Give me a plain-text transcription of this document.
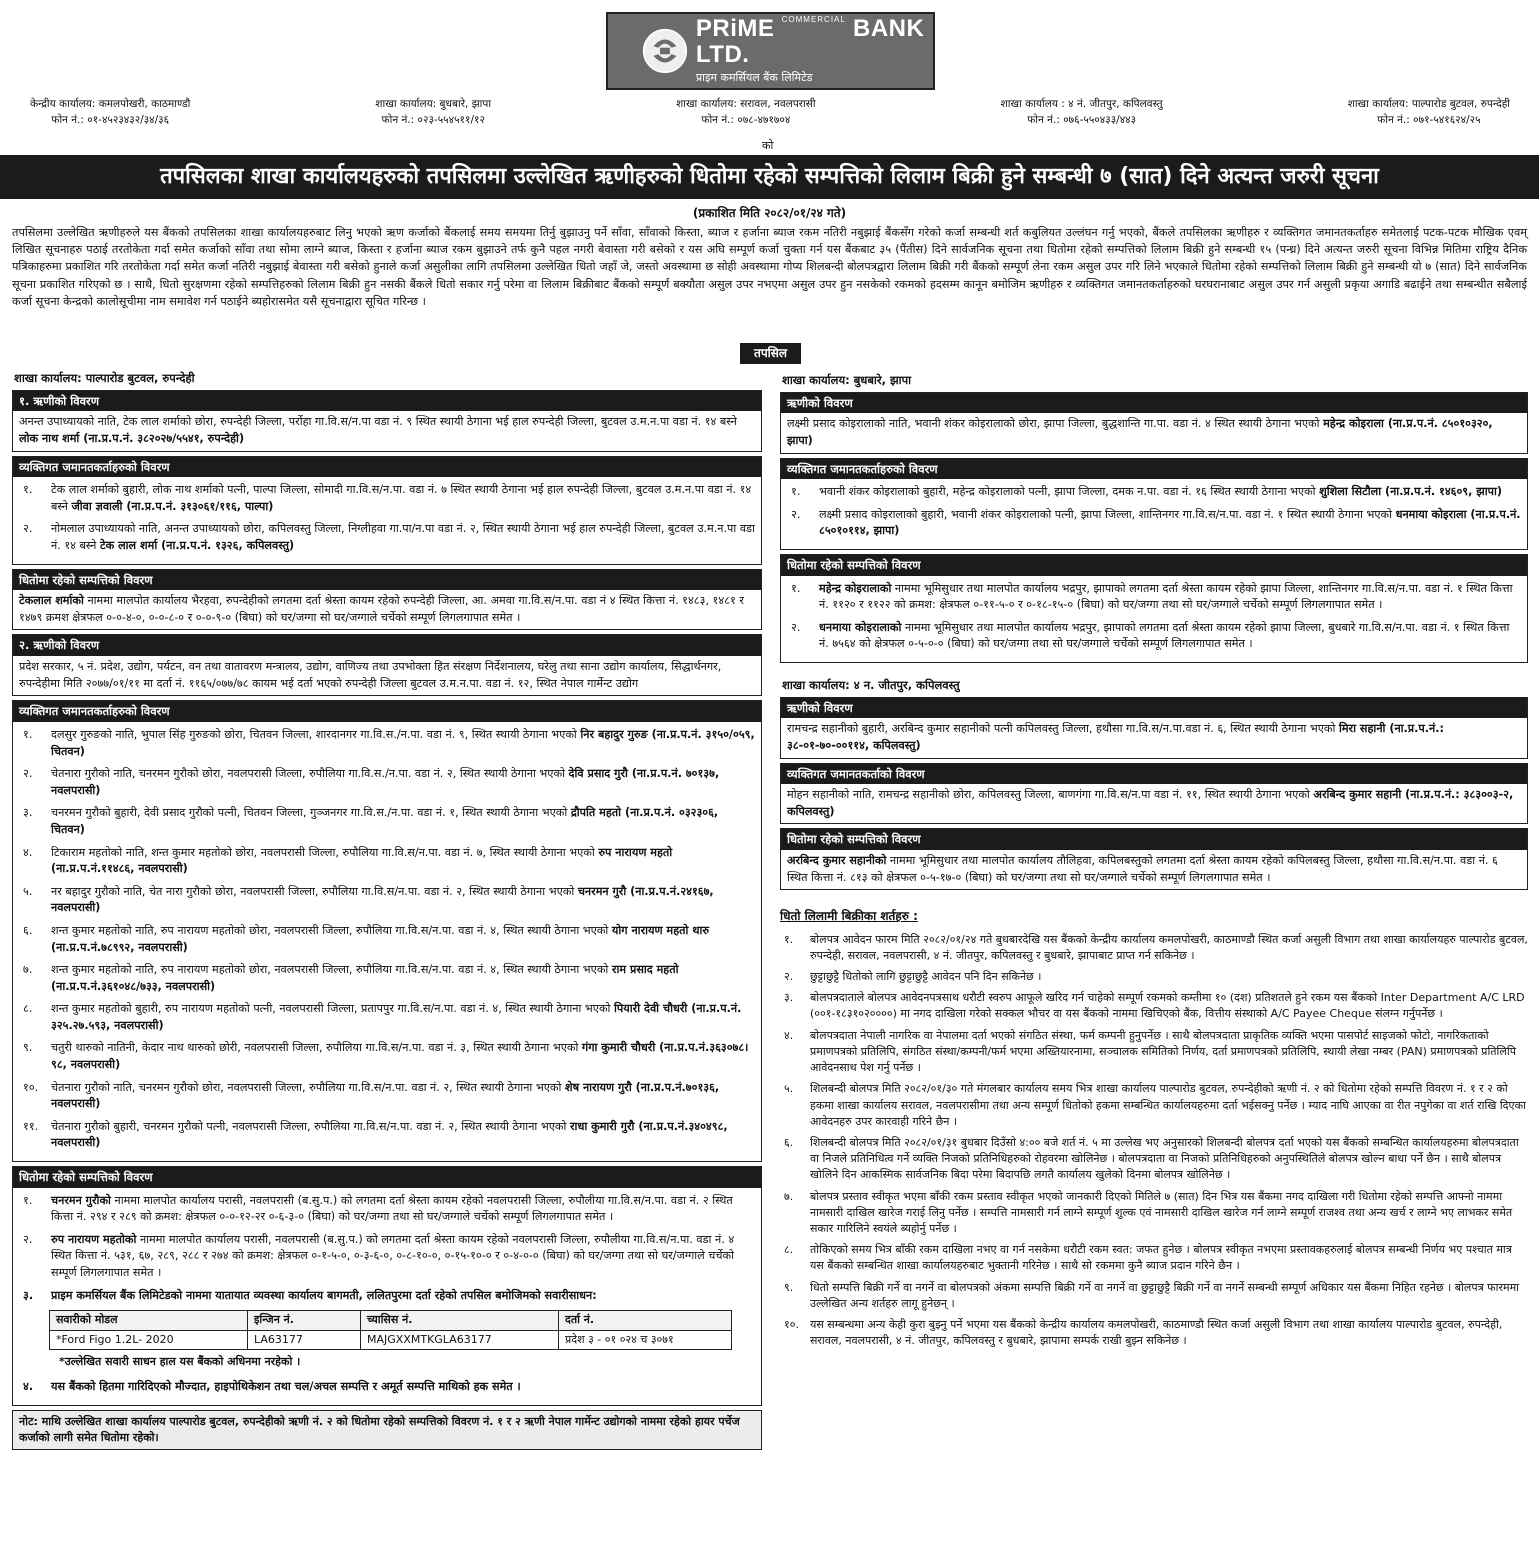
PRiME $^{COMMERCIAL}$ BANK LTD.
प्राइम कमर्सियल बैंक लिमिटेड
केन्द्रीय कार्यालय: कमलपोखरी, काठमाण्डौ
फोन नं.: ०१-४५२३४३२/३४/३६
शाखा कार्यालय: बुधबारे, झापा
फोन नं.: ०२३-५५४५११/१२
शाखा कार्यालय: सरावल, नवलपरासी
फोन नं.: ०७८-४७१७०४
शाखा कार्यालय : ४ नं. जीतपुर, कपिलवस्तु
फोन नं.: ०७६-५५०४३३/४४३
शाखा कार्यालय: पाल्पारोड बुटवल, रुपन्देही
फोन नं.: ०७१-५४१६२४/२५
को
तपसिलका शाखा कार्यालयहरुको तपसिलमा उल्लेखित ऋणीहरुको धितोमा रहेको सम्पत्तिको लिलाम बिक्री हुने सम्बन्धी ७ (सात) दिने अत्यन्त जरुरी सूचना
(प्रकाशित मिति २०८२/०१/२४ गते)
तपसिलमा उल्लेखित ऋणीहरुले यस बैंकको तपसिलका शाखा कार्यालयहरुबाट लिनु भएको ऋण कर्जाको बैंकलाई समय समयमा तिर्नु बुझाउनु पर्ने साँवा, साँवाको किस्ता, ब्याज र हर्जाना ब्याज रकम नतिरी नबुझाई बैंकसँग गरेको कर्जा सम्बन्धी शर्त कबुलियत उल्लंघन गर्नु भएको, बैंकले तपसिलका ऋणीहरु र व्यक्तिगत जमानतकर्ताहरु समेतलाई पटक-पटक मौखिक एवम् लिखित सूचनाहरु पठाई तरतोकेता गर्दा समेत कर्जाको साँवा तथा सोमा लाग्ने ब्याज, किस्ता र हर्जाना ब्याज रकम बुझाउने तर्फ कुनै पहल नगरी बेवास्ता गरी बसेको र यस अघि सम्पूर्ण कर्जा चुक्ता गर्न यस बैंकबाट ३५ (पैंतीस) दिने सार्वजनिक सूचना तथा धितोमा रहेको सम्पत्तिको लिलाम बिक्री हुने सम्बन्धी १५ (पन्ध्र) दिने अत्यन्त जरुरी सूचना विभिन्न मितिमा राष्ट्रिय दैनिक पत्रिकाहरुमा प्रकाशित गरि तरतोकेता गर्दा समेत कर्जा नतिरी नबुझाई बेवास्ता गरी बसेको हुनाले कर्जा असुलीका लागि तपसिलमा उल्लेखित धितो जहाँ जे, जस्तो अवस्थामा छ सोही अवस्थामा गोप्य शिलबन्दी बोलपत्रद्वारा लिलाम बिक्री गरी बैंकको सम्पूर्ण लेना रकम असुल उपर गरि लिने भएकाले धितोमा रहेको सम्पत्तिको लिलाम बिक्री हुने सम्बन्धी यो ७ (सात) दिने सार्वजनिक सूचना प्रकाशित गरिएको छ । साथै, धितो सुरक्षणमा रहेको सम्पत्तिहरुको लिलाम बिक्री हुन नसकी बैंकले धितो सकार गर्नु परेमा वा लिलाम बिक्रीबाट बैंकको सम्पूर्ण बक्यौता असुल उपर नभएमा असुल उपर हुन नसकेको रकमको हदसम्म कानून बमोजिम ऋणीहरु र व्यक्तिगत जमानतकर्ताहरुको घरघरानाबाट असुल उपर गर्न असुली प्रकृया अगाडि बढाईने तथा सम्बन्धीत सबैलाई कर्जा सूचना केन्द्रको कालोसूचीमा नाम समावेश गर्न पठाईने ब्यहोरासमेत यसै सूचनाद्वारा सूचित गरिन्छ ।
तपसिल
शाखा कार्यालय: पाल्पारोड बुटवल, रुपन्देही
१. ऋणीको विवरण
अनन्त उपाध्यायको नाति, टेक लाल शर्माको छोरा, रुपन्देही जिल्ला, पर्रोहा गा.वि.स/न.पा वडा नं. ९ स्थित स्थायी ठेगाना भई हाल रुपन्देही जिल्ला, बुटवल उ.म.न.पा वडा नं. १४ बस्ने लोक नाथ शर्मा (ना.प्र.प.नं. ३८२०२७/५५४१, रुपन्देही)
व्यक्तिगत जमानतकर्ताहरुको विवरण
१.	टेक लाल शर्माको बुहारी, लोक नाथ शर्माको पत्नी, पाल्पा जिल्ला, सोमादी गा.वि.स/न.पा. वडा नं. ७ स्थित स्थायी ठेगाना भई हाल रुपन्देही जिल्ला, बुटवल उ.म.न.पा वडा नं. १४ बस्ने जीवा ज्ञवाली (ना.प्र.प.नं. ३१३०६१/११६, पाल्पा)
२.	नोमलाल उपाध्यायको नाति, अनन्त उपाध्यायको छोरा, कपिलवस्तु जिल्ला, निग्लीहवा गा.पा/न.पा वडा नं. २, स्थित स्थायी ठेगाना भई हाल रुपन्देही जिल्ला, बुटवल उ.म.न.पा वडा नं. १४ बस्ने टेक लाल शर्मा (ना.प्र.प.नं. १३२६, कपिलवस्तु)
धितोमा रहेको सम्पत्तिको विवरण
टेकलाल शर्माको नाममा मालपोत कार्यालय भैरहवा, रुपन्देहीको लगतमा दर्ता श्रेस्ता कायम रहेको रुपन्देही जिल्ला, आ. अमवा गा.वि.स/न.पा. वडा नं ४ स्थित कित्ता नं. १४८३, १४८१ र १४७९ क्रमश क्षेत्रफल ०-०-४-०, ०-०-८-० र ०-०-९-० (बिघा) को घर/जग्गा सो घर/जग्गाले चर्चेको सम्पूर्ण लिगलगापात समेत ।
२. ऋणीको विवरण
प्रदेश सरकार, ५ नं. प्रदेश, उद्योग, पर्यटन, वन तथा वातावरण मन्त्रालय, उद्योग, वाणिज्य तथा उपभोक्ता हित संरक्षण निर्देशनालय, घरेलु तथा साना उद्योग कार्यालय, सिद्धार्थनगर, रुपन्देहीमा मिति २०७७/०१/११ मा दर्ता नं. ११६५/०७७/७८ कायम भई दर्ता भएको रुपन्देही जिल्ला बुटवल उ.म.न.पा. वडा नं. १२, स्थित नेपाल गार्मेन्ट उद्योग
व्यक्तिगत जमानतकर्ताहरुको विवरण
१.	दलसुर गुरुङको नाति, भुपाल सिंह गुरुङको छोरा, चितवन जिल्ला, शारदानगर गा.वि.स./न.पा. वडा नं. ९, स्थित स्थायी ठेगाना भएको निर बहादुर गुरुङ (ना.प्र.प.नं. ३१५०/०५९, चितवन)
२.	चेतनारा गुरौको नाति, चनरमन गुरौको छोरा, नवलपरासी जिल्ला, रुपौलिया गा.वि.स./न.पा. वडा नं. २, स्थित स्थायी ठेगाना भएको देवि प्रसाद गुरौ (ना.प्र.प.नं. ७०१३७, नवलपरासी)
३.	चनरमन गुरौको बुहारी, देवी प्रसाद गुरौको पत्नी, चितवन जिल्ला, गुञ्जनगर गा.वि.स./न.पा. वडा नं. १, स्थित स्थायी ठेगाना भएको द्रौपति महतो (ना.प्र.प.नं. ०३२३०६, चितवन)
४.	टिकाराम महतोको नाति, शन्त कुमार महतोको छोरा, नवलपरासी जिल्ला, रुपौलिया गा.वि.स/न.पा. वडा नं. ७, स्थित स्थायी ठेगाना भएको रुप नारायण महतो (ना.प्र.प.नं.११४८६, नवलपरासी)
५.	नर बहादुर गुरौको नाति, चेत नारा गुरौको छोरा, नवलपरासी जिल्ला, रुपौलिया गा.वि.स/न.पा. वडा नं. २, स्थित स्थायी ठेगाना भएको चनरमन गुरौ (ना.प्र.प.नं.२४१६७, नवलपरासी)
६.	शन्त कुमार महतोको नाति, रुप नारायण महतोको छोरा, नवलपरासी जिल्ला, रुपौलिया गा.वि.स/न.पा. वडा नं. ४, स्थित स्थायी ठेगाना भएको योग नारायण महतो थारु (ना.प्र.प.नं.७८९९२, नवलपरासी)
७.	शन्त कुमार महतोको नाति, रुप नारायण महतोको छोरा, नवलपरासी जिल्ला, रुपौलिया गा.वि.स/न.पा. वडा नं. ४, स्थित स्थायी ठेगाना भएको राम प्रसाद महतो (ना.प्र.प.नं.३६१०४८/७३३, नवलपरासी)
८.	शन्त कुमार महतोको बुहारी, रुप नारायण महतोको पत्नी, नवलपरासी जिल्ला, प्रतापपुर गा.वि.स/न.पा. वडा नं. ४, स्थित स्थायी ठेगाना भएको पियारी देवी चौधरी (ना.प्र.प.नं. ३२५.२७.५९३, नवलपरासी)
९.	चतुरी थारुको नातिनी, केदार नाथ थारुको छोरी, नवलपरासी जिल्ला, रुपौलिया गा.वि.स/न.पा. वडा नं. ३, स्थित स्थायी ठेगाना भएको गंगा कुमारी चौधरी (ना.प्र.प.नं.३६३०७८।९८, नवलपरासी)
१०.	चेतनारा गुरौको नाति, चनरमन गुरौको छोरा, नवलपरासी जिल्ला, रुपौलिया गा.वि.स/न.पा. वडा नं. २, स्थित स्थायी ठेगाना भएको शेष नारायण गुरौ (ना.प्र.प.नं.७०१३६, नवलपरासी)
११.	चेतनारा गुरौको बुहारी, चनरमन गुरौको पत्नी, नवलपरासी जिल्ला, रुपौलिया गा.वि.स/न.पा. वडा नं. २, स्थित स्थायी ठेगाना भएको राधा कुमारी गुरौ (ना.प्र.प.नं.३४०४९८, नवलपरासी)
धितोमा रहेको सम्पत्तिको विवरण
१.	चनरमन गुरौको नाममा मालपोत कार्यालय परासी, नवलपरासी (ब.सु.प.) को लगतमा दर्ता श्रेस्ता कायम रहेको नवलपरासी जिल्ला, रुपौलीया गा.वि.स/न.पा. वडा नं. २ स्थित कित्ता नं. २९४ र २८९ को क्रमश: क्षेत्रफल ०-०-१२-२र ०-६-३-० (बिघा) को घर/जग्गा तथा सो घर/जग्गाले चर्चेको सम्पूर्ण लिगलगापात समेत ।
२.	रुप नारायण महतोको नाममा मालपोत कार्यालय परासी, नवलपरासी (ब.सु.प.) को लगतमा दर्ता श्रेस्ता कायम रहेको नवलपरासी जिल्ला, रुपौलीया गा.वि.स/न.पा. वडा नं. ४ स्थित कित्ता नं. ५३१, ६७, २८९, २८८ र २७४ को क्रमश: क्षेत्रफल ०-१-५-०, ०-३-६-०, ०-८-१०-०, ०-१५-१०-० र ०-४-०-० (बिघा) को घर/जग्गा तथा सो घर/जग्गाले चर्चेको सम्पूर्ण लिगलगापात समेत ।
३.	प्राइम कमर्सियल बैंक लिमिटेडको नाममा यातायात व्यवस्था कार्यालय बागमती, ललितपुरमा दर्ता रहेको तपसिल बमोजिमको सवारीसाधन:
सवारीको मोडल	इन्जिन नं.	च्यासिस नं.	दर्ता नं.
*Ford Figo 1.2L- 2020	LA63177	MAJGXXMTKGLA63177	प्रदेश ३ - ०१ ०२४ च ३०७१
*उल्लेखित सवारी साधन हाल यस बैंकको अधिनमा नरहेको ।
४.	यस बैंकको हितमा गारिदिएको मौज्दात, हाइपोथिकेशन तथा चल/अचल सम्पत्ति र अमूर्त सम्पत्ति माथिको हक समेत ।
नोट: माथि उल्लेखित शाखा कार्यालय पाल्पारोड बुटवल, रुपन्देहीको ऋणी नं. २ को धितोमा रहेको सम्पत्तिको विवरण नं. १ र २ ऋणी नेपाल गार्मेन्ट उद्योगको नाममा रहेको हायर पर्चेज कर्जाको लागी समेत धितोमा रहेको।
शाखा कार्यालय: बुधबारे, झापा
ऋणीको विवरण
लक्ष्मी प्रसाद कोइरालाको नाति, भवानी शंकर कोइरालाको छोरा, झापा जिल्ला, बुद्धशान्ति गा.पा. वडा नं. ४ स्थित स्थायी ठेगाना भएको महेन्द्र कोइराला (ना.प्र.प.नं. ८५०१०३२०, झापा)
व्यक्तिगत जमानतकर्ताहरुको विवरण
१.	भवानी शंकर कोइरालाको बुहारी, महेन्द्र कोइरालाको पत्नी, झापा जिल्ला, दमक न.पा. वडा नं. १६ स्थित स्थायी ठेगाना भएको शुशिला सिटौला (ना.प्र.प.नं. १४६०९, झापा)
२.	लक्ष्मी प्रसाद कोइरालाको बुहारी, भवानी शंकर कोइरालाको पत्नी, झापा जिल्ला, शान्तिनगर गा.वि.स/न.पा. वडा नं. १ स्थित स्थायी ठेगाना भएको धनमाया कोइराला (ना.प्र.प.नं. ८५०१०११४, झापा)
धितोमा रहेको सम्पत्तिको विवरण
१.	महेन्द्र कोइरालाको नाममा भूमिसुधार तथा मालपोत कार्यालय भद्रपुर, झापाको लगतमा दर्ता श्रेस्ता कायम रहेको झापा जिल्ला, शान्तिनगर गा.वि.स/न.पा. वडा नं. १ स्थित कित्ता नं. ११२० र ११२२ को क्रमश: क्षेत्रफल ०-११-५-० र ०-१८-१५-० (बिघा) को घर/जग्गा तथा सो घर/जग्गाले चर्चेको सम्पूर्ण लिगलगापात समेत ।
२.	धनमाया कोइरालाको नाममा भूमिसुधार तथा मालपोत कार्यालय भद्रपुर, झापाको लगतमा दर्ता श्रेस्ता कायम रहेको झापा जिल्ला, बुधबारे गा.वि.स/न.पा. वडा नं. १ स्थित कित्ता नं. ७५६४ को क्षेत्रफल ०-५-०-० (बिघा) को घर/जग्गा तथा सो घर/जग्गाले चर्चेको सम्पूर्ण लिगलगापात समेत ।
शाखा कार्यालय: ४ न. जीतपुर, कपिलवस्तु
ऋणीको विवरण
रामचन्द्र सहानीको बुहारी, अरबिन्द कुमार सहानीको पत्नी कपिलवस्तु जिल्ला, हथौसा गा.वि.स/न.पा.वडा नं. ६, स्थित स्थायी ठेगाना भएको मिरा सहानी (ना.प्र.प.नं.: ३८-०१-७०-००११४, कपिलवस्तु)
व्यक्तिगत जमानतकर्ताको विवरण
मोहन सहानीको नाति, रामचन्द्र सहानीको छोरा, कपिलवस्तु जिल्ला, बाणगंगा गा.वि.स/न.पा वडा नं. ११, स्थित स्थायी ठेगाना भएको अरबिन्द कुमार सहानी (ना.प्र.प.नं.: ३८३००३-२, कपिलवस्तु)
धितोमा रहेको सम्पत्तिको विवरण
अरबिन्द कुमार सहानीको नाममा भूमिसुधार तथा मालपोत कार्यालय तौलिहवा, कपिलबस्तुको लगतमा दर्ता श्रेस्ता कायम रहेको कपिलबस्तु जिल्ला, हथौसा गा.वि.स/न.पा. वडा नं. ६ स्थित कित्ता नं. ८१३ को क्षेत्रफल ०-५-१७-० (बिघा) को घर/जग्गा तथा सो घर/जग्गाले चर्चेको सम्पूर्ण लिगलगापात समेत ।
धितो लिलामी बिक्रीका शर्तहरु :
१.	बोलपत्र आवेदन फारम मिति २०८२/०१/२४ गते बुधबारदेखि यस बैंकको केन्द्रीय कार्यालय कमलपोखरी, काठमाण्डौ स्थित कर्जा असुली विभाग तथा शाखा कार्यालयहरु पाल्पारोड बुटवल, रुपन्देही, सरावल, नवलपरासी, ४ नं. जीतपुर, कपिलवस्तु र बुधबारे, झापाबाट प्राप्त गर्न सकिनेछ ।
२.	छुट्टाछुट्टै धितोको लागि छुट्टाछुट्टै आवेदन पनि दिन सकिनेछ ।
३.	बोलपत्रदाताले बोलपत्र आवेदनपत्रसाथ धरौटी स्वरुप आफूले खरिद गर्न चाहेको सम्पूर्ण रकमको कम्तीमा १० (दश) प्रतिशतले हुने रकम यस बैंकको Inter Department A/C LRD (००१-१८३१०२००००) मा नगद दाखिला गरेको सक्कल भौचर वा यस बैंकको नाममा खिचिएको बैंक, वित्तीय संस्थाको A/C Payee Cheque संलग्न गर्नुपर्नेछ ।
४.	बोलपत्रदाता नेपाली नागरिक वा नेपालमा दर्ता भएको संगठित संस्था, फर्म कम्पनी हुनुपर्नेछ । साथै बोलपत्रदाता प्राकृतिक व्यक्ति भएमा पासपोर्ट साइजको फोटो, नागरिकताको प्रमाणपत्रको प्रतिलिपि, संगठित संस्था/कम्पनी/फर्म भएमा अख्तियारनामा, सञ्चालक समितिको निर्णय, दर्ता प्रमाणपत्रको प्रतिलिपि, स्थायी लेखा नम्बर (PAN) प्रमाणपत्रको प्रतिलिपि आवेदनसाथ पेश गर्नु पर्नेछ ।
५.	शिलबन्दी बोलपत्र मिति २०८२/०१/३० गते मंगलबार कार्यालय समय भित्र शाखा कार्यालय पाल्पारोड बुटवल, रुपन्देहीको ऋणी नं. २ को धितोमा रहेको सम्पत्ति विवरण नं. १ र २ को हकमा शाखा कार्यालय सरावल, नवलपरासीमा तथा अन्य सम्पूर्ण धितोको हकमा सम्बन्धित कार्यालयहरुमा दर्ता भईसक्नु पर्नेछ । म्याद नाघि आएका वा रीत नपुगेका वा शर्त राखि दिएका आवेदनहरु उपर कारवाही गरिने छैन ।
६.	शिलबन्दी बोलपत्र मिति २०८२/०१/३१ बुधबार दिउँसो ४:०० बजे शर्त नं. ५ मा उल्लेख भए अनुसारको शिलबन्दी बोलपत्र दर्ता भएको यस बैंकको सम्बन्धित कार्यालयहरुमा बोलपत्रदाता वा निजले प्रतिनिधित्व गर्ने व्यक्ति निजको प्रतिनिधिहरुको रोहवरमा खोलिनेछ । बोलपत्रदाता वा निजको प्रतिनिधिहरुको अनुपस्थितिले बोलपत्र खोल्न बाधा पर्ने छैन । साथै बोलपत्र खोलिने दिन आकस्मिक सार्वजनिक बिदा परेमा बिदापछि लगतै कार्यालय खुलेको दिनमा बोलपत्र खोलिनेछ ।
७.	बोलपत्र प्रस्ताव स्वीकृत भएमा बाँकी रकम प्रस्ताव स्वीकृत भएको जानकारी दिएको मितिले ७ (सात) दिन भित्र यस बैंकमा नगद दाखिला गरी धितोमा रहेको सम्पत्ति आफ्नो नाममा नामसारी दाखिल खारेज गराई लिनु पर्नेछ । सम्पत्ति नामसारी गर्न लाग्ने सम्पूर्ण शुल्क एवं नामसारी दाखिल खारेज गर्न लाग्ने सम्पूर्ण राजश्व तथा अन्य खर्च र लाग्ने भए लाभकर समेत सकार गारिलिने स्वयंले ब्यहोर्नु पर्नेछ ।
८.	तोकिएको समय भित्र बाँकी रकम दाखिला नभए वा गर्न नसकेमा धरौटी रकम स्वत: जफत हुनेछ । बोलपत्र स्वीकृत नभएमा प्रस्तावकहरुलाई बोलपत्र सम्बन्धी निर्णय भए पश्चात मात्र यस बैंकको सम्बन्धित शाखा कार्यालयहरुबाट भुक्तानी गरिनेछ । साथै सो रकममा कुनै ब्याज प्रदान गरिने छैन ।
९.	धितो सम्पत्ति बिक्री गर्ने वा नगर्ने वा बोलपत्रको अंकमा सम्पत्ति बिक्री गर्ने वा नगर्ने वा छुट्टाछुट्टै बिक्री गर्ने वा नगर्ने सम्बन्धी सम्पूर्ण अधिकार यस बैंकमा निहित रहनेछ । बोलपत्र फारममा उल्लेखित अन्य शर्तहरु लागू हुनेछन् ।
१०.	यस सम्बन्धमा अन्य केही कुरा बुझ्नु पर्ने भएमा यस बैंकको केन्द्रीय कार्यालय कमलपोखरी, काठमाण्डौ स्थित कर्जा असुली विभाग तथा शाखा कार्यालय पाल्पारोड बुटवल, रुपन्देही, सरावल, नवलपरासी, ४ नं. जीतपुर, कपिलवस्तु र बुधबारे, झापामा सम्पर्क राखी बुझ्न सकिनेछ ।
